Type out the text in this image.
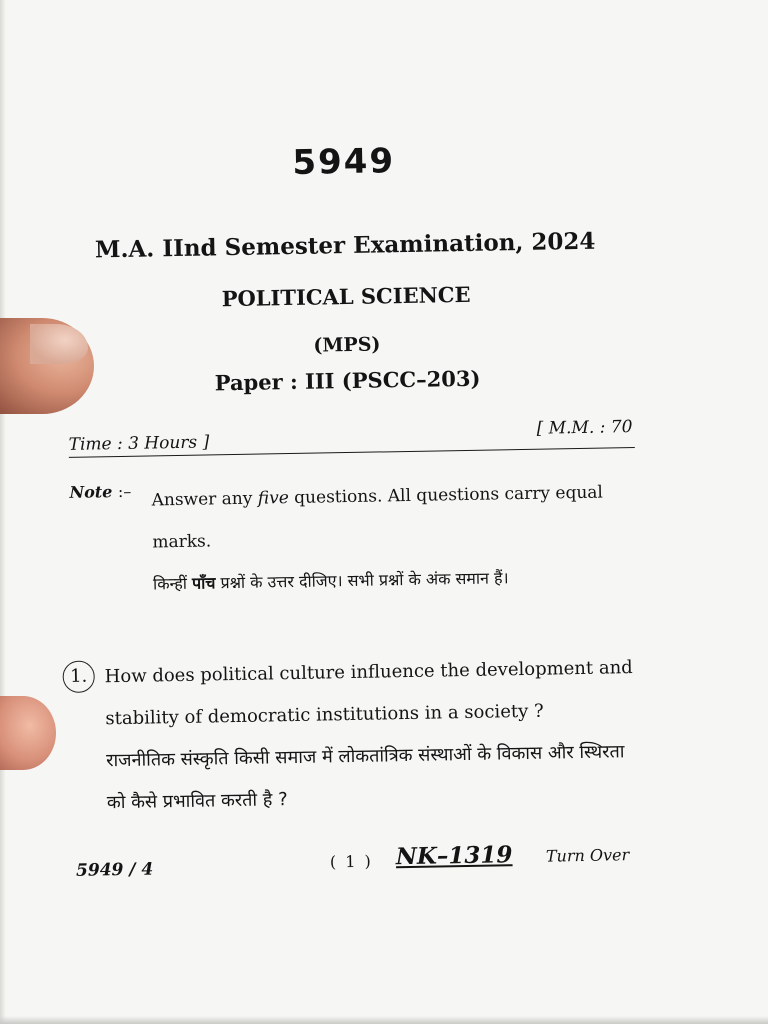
5949
M.A. IInd Semester Examination, 2024
POLITICAL SCIENCE
(MPS)
Paper : III (PSCC–203)
Time : 3 Hours ]
[ M.M. : 70
Note :– Answer any five questions. All questions carry equal marks.
किन्हीं पाँच प्रश्नों के उत्तर दीजिए। सभी प्रश्नों के अंक समान हैं।
1. How does political culture influence the development and stability of democratic institutions in a society ?
राजनीतिक संस्कृति किसी समाज में लोकतांत्रिक संस्थाओं के विकास और स्थिरता को कैसे प्रभावित करती है ?
5949 / 4	( 1 ) NK–1319 Turn Over
